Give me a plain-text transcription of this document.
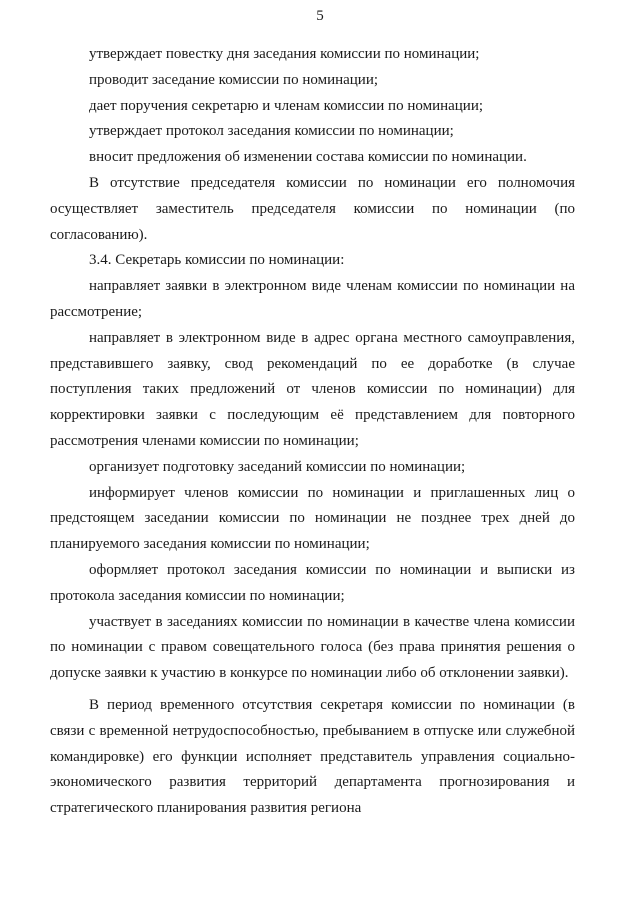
5

утверждает повестку дня заседания комиссии по номинации;

проводит заседание комиссии по номинации;

дает поручения секретарю и членам комиссии по номинации;

утверждает протокол заседания комиссии по номинации;

вносит предложения об изменении состава комиссии по номинации.

В отсутствие председателя комиссии по номинации его полномочия осуществляет заместитель председателя комиссии по номинации (по согласованию).

3.4. Секретарь комиссии по номинации:

направляет заявки в электронном виде членам комиссии по номинации на рассмотрение;

направляет в электронном виде в адрес органа местного самоуправления, представившего заявку, свод рекомендаций по ее доработке (в случае поступления таких предложений от членов комиссии по номинации) для корректировки заявки с последующим её представлением для повторного рассмотрения членами комиссии по номинации;

организует подготовку заседаний комиссии по номинации;

информирует членов комиссии по номинации и приглашенных лиц о предстоящем заседании комиссии по номинации не позднее трех дней до планируемого заседания комиссии по номинации;

оформляет протокол заседания комиссии по номинации и выписки из протокола заседания комиссии по номинации;

участвует в заседаниях комиссии по номинации в качестве члена комиссии по номинации с правом совещательного голоса (без права принятия решения о допуске заявки к участию в конкурсе по номинации либо об отклонении заявки).

В период временного отсутствия секретаря комиссии по номинации (в связи с временной нетрудоспособностью, пребыванием в отпуске или служебной командировке) его функции исполняет представитель управления социально-экономического развития территорий департамента прогнозирования и стратегического планирования развития региона
